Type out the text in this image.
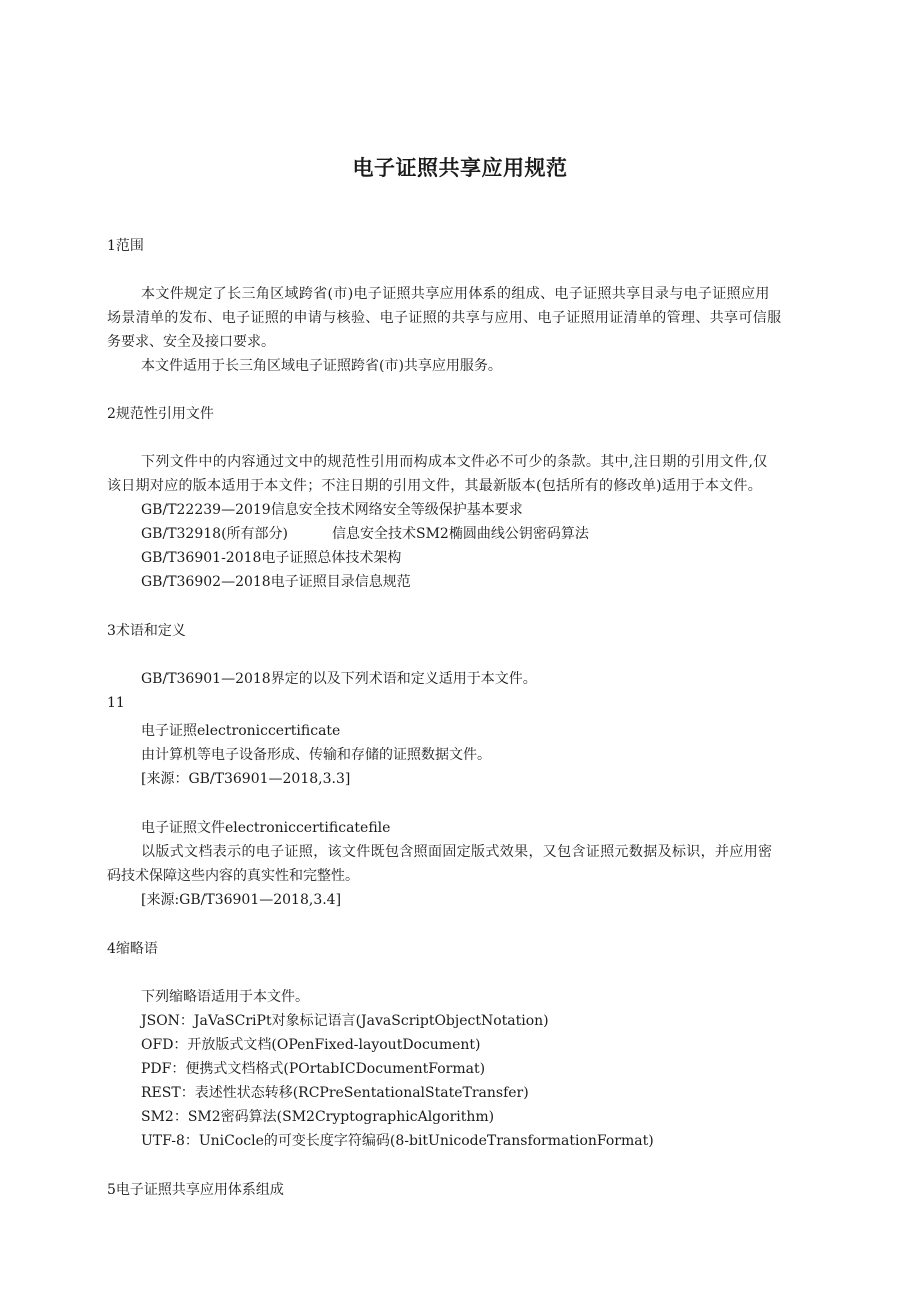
电子证照共享应用规范
1范围
本文件规定了长三角区域跨省(市)电子证照共享应用体系的组成、电子证照共享目录与电子证照应用
场景清单的发布、电子证照的申请与核验、电子证照的共享与应用、电子证照用证清单的管理、共享可信服
务要求、安全及接口要求。
本文件适用于长三角区域电子证照跨省(市)共享应用服务。
2规范性引用文件
下列文件中的内容通过文中的规范性引用而构成本文件必不可少的条款。其中,注日期的引用文件,仅
该日期对应的版本适用于本文件；不注日期的引用文件，其最新版本(包括所有的修改单)适用于本文件。
GB/T22239—2019信息安全技术网络安全等级保护基本要求
GB/T32918(所有部分)	信息安全技术SM2椭圆曲线公钥密码算法
GB/T36901-2018电子证照总体技术架构
GB/T36902—2018电子证照目录信息规范
3术语和定义
GB/T36901—2018界定的以及下列术语和定义适用于本文件。
11
电子证照electroniccertificate
由计算机等电子设备形成、传输和存储的证照数据文件。
[来源：GB/T36901—2018,3.3]
电子证照文件electroniccertificatefile
以版式文档表示的电子证照，该文件既包含照面固定版式效果，又包含证照元数据及标识，并应用密
码技术保障这些内容的真实性和完整性。
[来源:GB/T36901—2018,3.4]
4缩略语
下列缩略语适用于本文件。
JSON：JaVaSCriPt对象标记语言(JavaScriptObjectNotation)
OFD：开放版式文档(OPenFixed-layoutDocument)
PDF：便携式文档格式(POrtabICDocumentFormat)
REST：表述性状态转移(RCPreSentationalStateTransfer)
SM2：SM2密码算法(SM2CryptographicAlgorithm)
UTF-8：UniCocle的可变长度字符编码(8-bitUnicodeTransformationFormat)
5电子证照共享应用体系组成
